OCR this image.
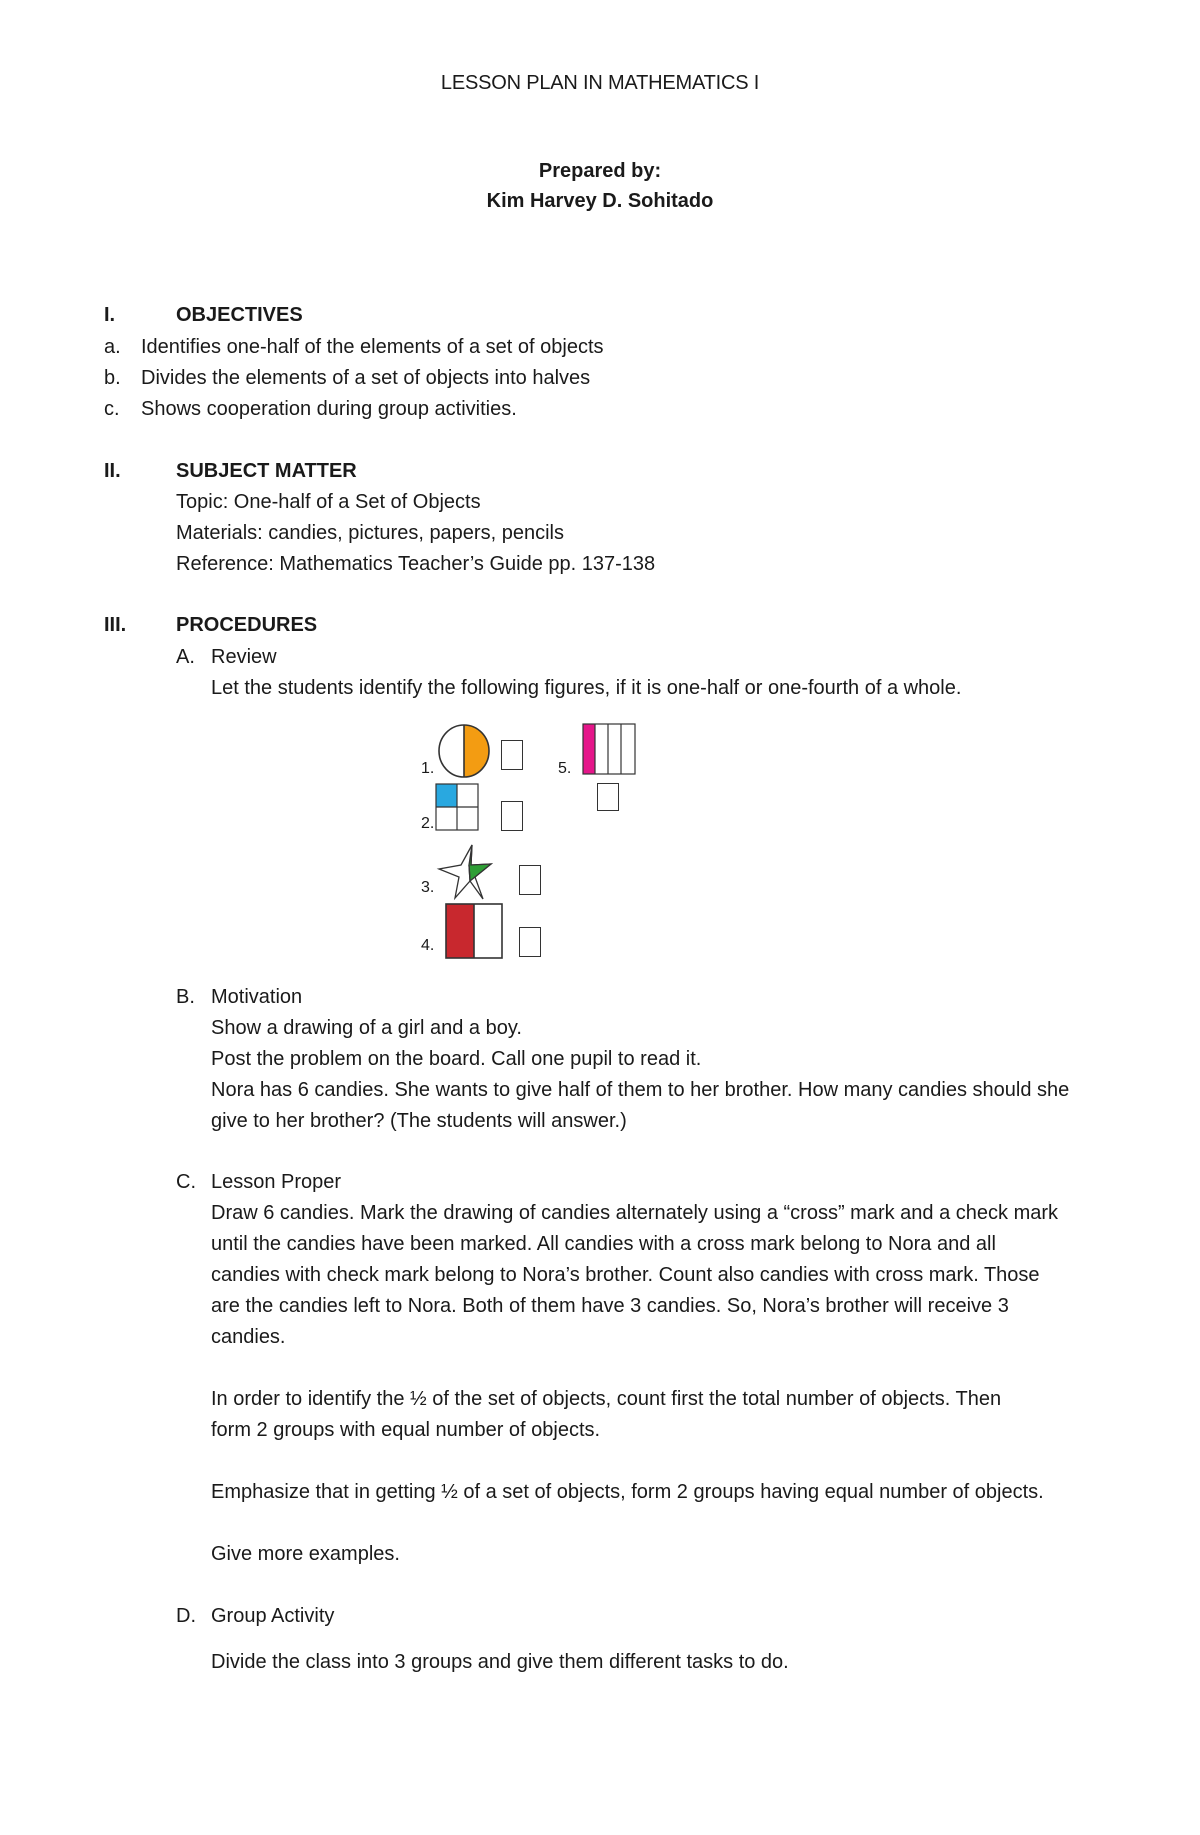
LESSON PLAN IN MATHEMATICS I
Prepared by:
Kim Harvey D. Sohitado
I.	OBJECTIVES
a. Identifies one-half of the elements of a set of objects
b. Divides the elements of a set of objects into halves
c. Shows cooperation during group activities.
II.	SUBJECT MATTER
Topic: One-half of a Set of Objects
Materials: candies, pictures, papers, pencils
Reference: Mathematics Teacher’s Guide pp. 137-138
III. PROCEDURES
A. Review
Let the students identify the following figures, if it is one-half or one-fourth of a whole.
1.
2.
3.
4.
5.
B. Motivation
Show a drawing of a girl and a boy.
Post the problem on the board. Call one pupil to read it.
Nora has 6 candies. She wants to give half of them to her brother. How many candies should she
give to her brother? (The students will answer.)
C. Lesson Proper
Draw 6 candies. Mark the drawing of candies alternately using a “cross” mark and a check mark
until the candies have been marked. All candies with a cross mark belong to Nora and all
candies with check mark belong to Nora’s brother. Count also candies with cross mark. Those
are the candies left to Nora. Both of them have 3 candies. So, Nora’s brother will receive 3
candies.
In order to identify the ½ of the set of objects, count first the total number of objects. Then
form 2 groups with equal number of objects.
Emphasize that in getting ½ of a set of objects, form 2 groups having equal number of objects.
Give more examples.
D. Group Activity
Divide the class into 3 groups and give them different tasks to do.
